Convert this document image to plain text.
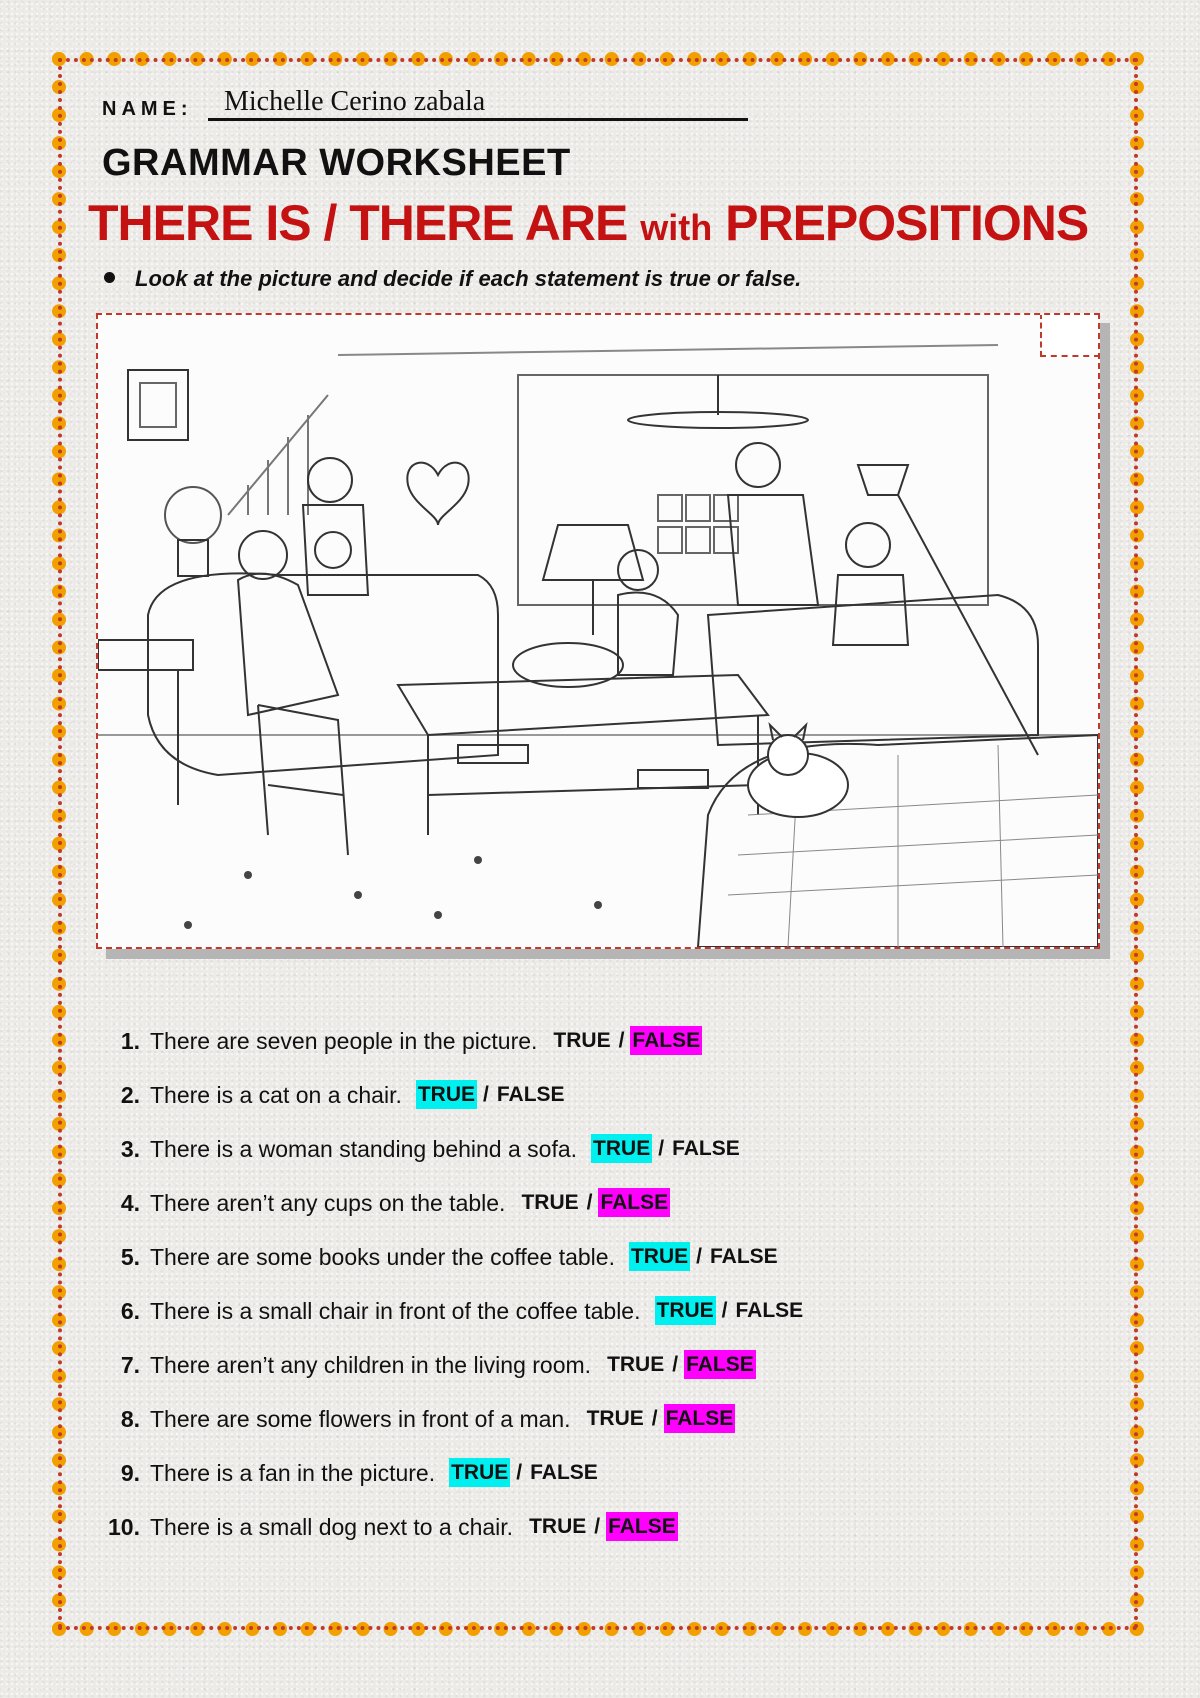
NAME: Michelle Cerino zabala
GRAMMAR WORKSHEET
THERE IS / THERE ARE with PREPOSITIONS
Look at the picture and decide if each statement is true or false.
1. There are seven people in the picture. TRUE / FALSE
2. There is a cat on a chair. TRUE / FALSE
3. There is a woman standing behind a sofa. TRUE / FALSE
4. There aren’t any cups on the table. TRUE / FALSE
5. There are some books under the coffee table. TRUE / FALSE
6. There is a small chair in front of the coffee table. TRUE / FALSE
7. There aren’t any children in the living room. TRUE / FALSE
8. There are some flowers in front of a man. TRUE / FALSE
9. There is a fan in the picture. TRUE / FALSE
10. There is a small dog next to a chair. TRUE / FALSE
